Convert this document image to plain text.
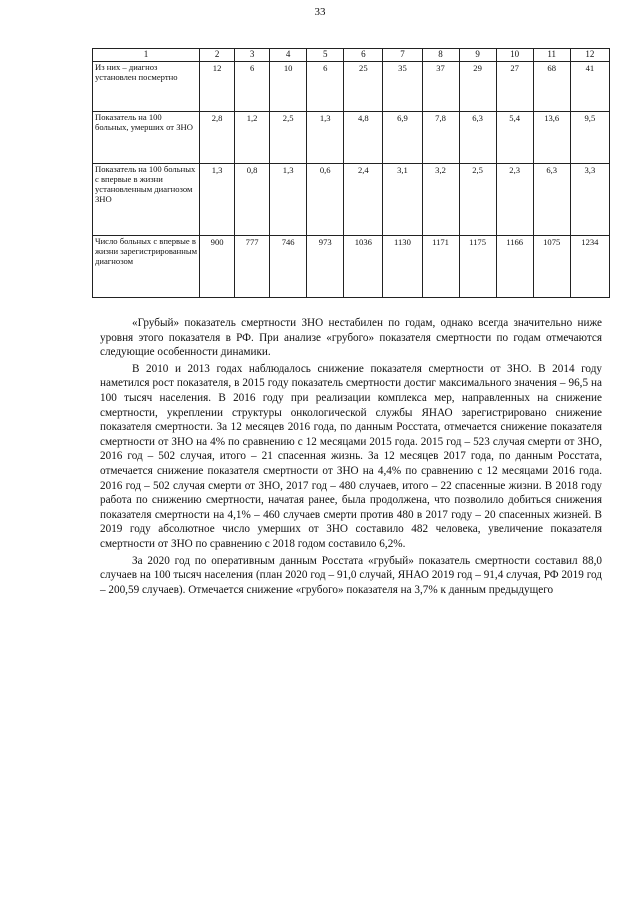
33
1	2	3	4	5	6	7	8	9	10	11	12
Из них – диагноз установлен посмертно	12	6	10	6	25	35	37	29	27	68	41
Показатель на 100 больных, умерших от ЗНО	2,8	1,2	2,5	1,3	4,8	6,9	7,8	6,3	5,4	13,6	9,5
Показатель на 100 больных с впервые в жизни установленным диагнозом ЗНО	1,3	0,8	1,3	0,6	2,4	3,1	3,2	2,5	2,3	6,3	3,3
Число больных с впервые в жизни зарегистрированным диагнозом	900	777	746	973	1036	1130	1171	1175	1166	1075	1234

«Грубый» показатель смертности ЗНО нестабилен по годам, однако всегда значительно ниже уровня этого показателя в РФ. При анализе «грубого» показателя смертности по годам отмечаются следующие особенности динамики.

В 2010 и 2013 годах наблюдалось снижение показателя смертности от ЗНО. В 2014 году наметился рост показателя, в 2015 году показатель смертности достиг максимального значения – 96,5 на 100 тысяч населения. В 2016 году при реализации комплекса мер, направленных на снижение смертности, укреплении структуры онкологической службы ЯНАО зарегистрировано снижение показателя смертности. За 12 месяцев 2016 года, по данным Росстата, отмечается снижение показателя смертности от ЗНО на 4% по сравнению с 12 месяцами 2015 года. 2015 год – 523 случая смерти от ЗНО, 2016 год – 502 случая, итого – 21 спасенная жизнь. За 12 месяцев 2017 года, по данным Росстата, отмечается снижение показателя смертности от ЗНО на 4,4% по сравнению с 12 месяцами 2016 года. 2016 год – 502 случая смерти от ЗНО, 2017 год – 480 случаев, итого – 22 спасенные жизни. В 2018 году работа по снижению смертности, начатая ранее, была продолжена, что позволило добиться снижения показателя смертности на 4,1% – 460 случаев смерти против 480 в 2017 году – 20 спасенных жизней. В 2019 году абсолютное число умерших от ЗНО составило 482 человека, увеличение показателя смертности от ЗНО по сравнению с 2018 годом составило 6,2%.

За 2020 год по оперативным данным Росстата «грубый» показатель смертности составил 88,0 случаев на 100 тысяч населения (план 2020 год – 91,0 случай, ЯНАО 2019 год – 91,4 случая, РФ 2019 год – 200,59 случаев). Отмечается снижение «грубого» показателя на 3,7% к данным предыдущего
